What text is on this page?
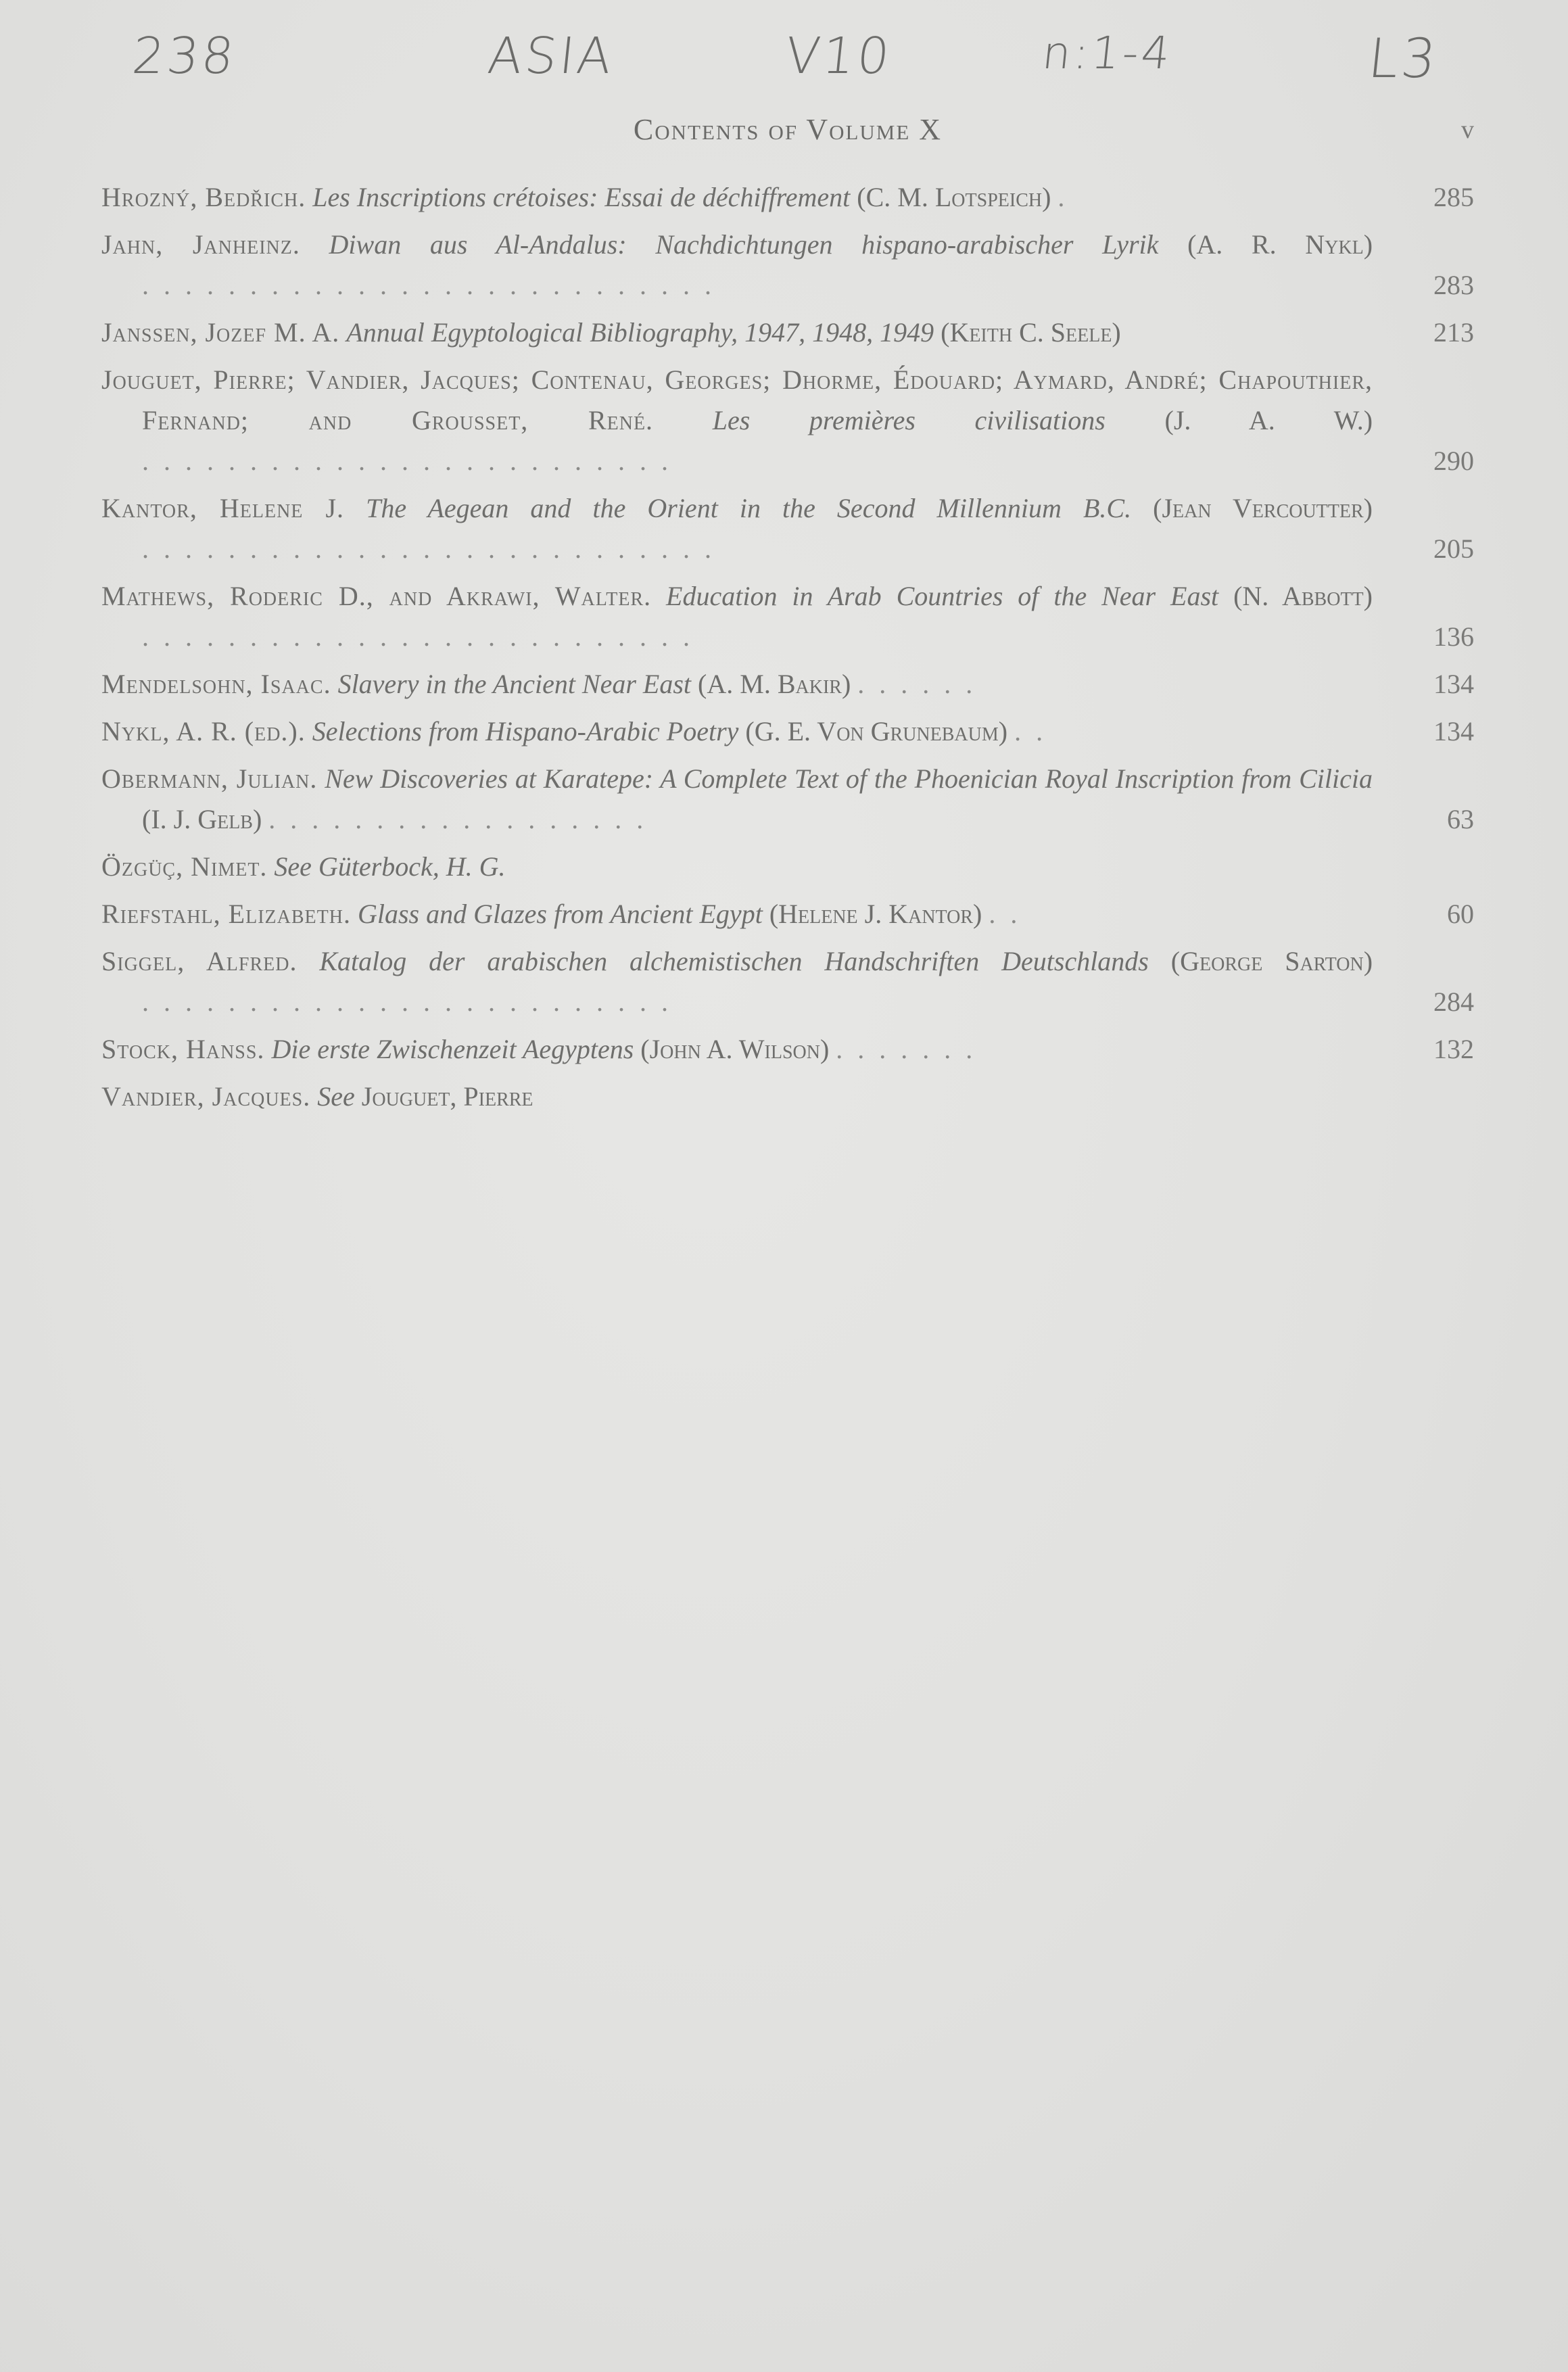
238	ASIA	V10	n:1-4	L3
Contents of Volume X	v
Hrozný, Bedřich. Les Inscriptions crétoises: Essai de déchiffrement (C. M. Lotspeich) .	285
Jahn, Janheinz. Diwan aus Al-Andalus: Nachdichtungen hispano-arabischer Lyrik (A. R. Nykl) ...........................	283
Janssen, Jozef M. A. Annual Egyptological Bibliography, 1947, 1948, 1949 (Keith C. Seele)	213
Jouguet, Pierre; Vandier, Jacques; Contenau, Georges; Dhorme, Édouard; Aymard, André; Chapouthier, Fernand; and Grousset, René. Les premières civilisations (J. A. W.) .........................	290
Kantor, Helene J. The Aegean and the Orient in the Second Millennium B.C. (Jean Vercoutter) ...........................	205
Mathews, Roderic D., and Akrawi, Walter. Education in Arab Countries of the Near East (N. Abbott) ..........................	136
Mendelsohn, Isaac. Slavery in the Ancient Near East (A. M. Bakir) ......	134
Nykl, A. R. (ed.). Selections from Hispano-Arabic Poetry (G. E. Von Grunebaum) ..	134
Obermann, Julian. New Discoveries at Karatepe: A Complete Text of the Phoenician Royal Inscription from Cilicia (I. J. Gelb) ..................	63
Özgüç, Nimet. See Güterbock, H. G.
Riefstahl, Elizabeth. Glass and Glazes from Ancient Egypt (Helene J. Kantor) ..	60
Siggel, Alfred. Katalog der arabischen alchemistischen Handschriften Deutschlands (George Sarton) .........................	284
Stock, Hanss. Die erste Zwischenzeit Aegyptens (John A. Wilson) .......	132
Vandier, Jacques. See Jouguet, Pierre
